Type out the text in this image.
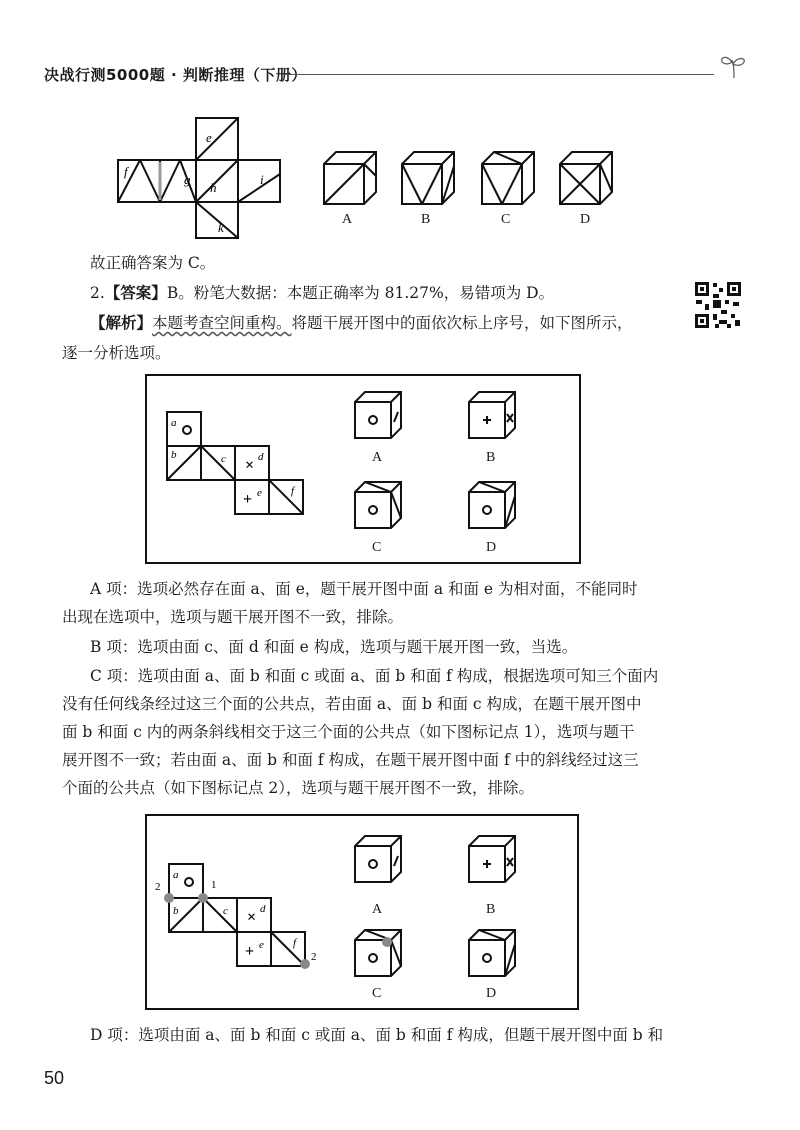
决战行测5000题 · 判断推理（下册）
e
f
g
h
i
k
A	B	C	D
故正确答案为 C。
2.【答案】B。粉笔大数据：本题正确率为 81.27%，易错项为 D。
【解析】本题考查空间重构。将题干展开图中的面依次标上序号，如下图所示，
逐一分析选项。
a
b	c × d
+ e	f
A	B
C	D
A 项：选项必然存在面 a、面 e，题干展开图中面 a 和面 e 为相对面，不能同时
出现在选项中，选项与题干展开图不一致，排除。
B 项：选项由面 c、面 d 和面 e 构成，选项与题干展开图一致，当选。
C 项：选项由面 a、面 b 和面 c 或面 a、面 b 和面 f 构成，根据选项可知三个面内
没有任何线条经过这三个面的公共点，若由面 a、面 b 和面 c 构成，在题干展开图中
面 b 和面 c 内的两条斜线相交于这三个面的公共点（如下图标记点 1），选项与题干
展开图不一致；若由面 a、面 b 和面 f 构成，在题干展开图中面 f 中的斜线经过这三
个面的公共点（如下图标记点 2），选项与题干展开图不一致，排除。
2	1
2
a
b	c × d
+ e	f
A	B
C	D
D 项：选项由面 a、面 b 和面 c 或面 a、面 b 和面 f 构成，但题干展开图中面 b 和
50
